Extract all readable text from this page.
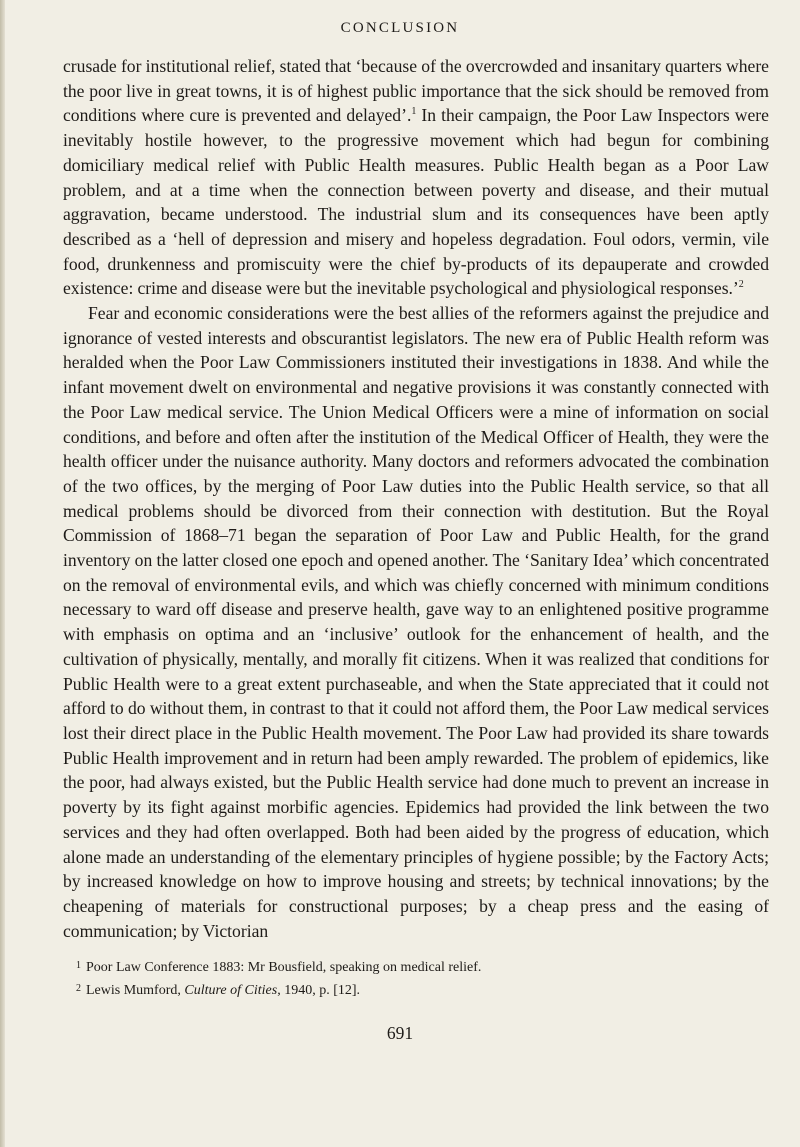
CONCLUSION

crusade for institutional relief, stated that ‘because of the overcrowded and insanitary quarters where the poor live in great towns, it is of highest public importance that the sick should be removed from conditions where cure is prevented and delayed’.$^1$ In their campaign, the Poor Law Inspectors were inevitably hostile however, to the progressive movement which had begun for combining domiciliary medical relief with Public Health measures. Public Health began as a Poor Law problem, and at a time when the connection between poverty and disease, and their mutual aggravation, became understood. The industrial slum and its consequences have been aptly described as a ‘hell of depression and misery and hopeless degradation. Foul odors, vermin, vile food, drunkenness and promiscuity were the chief by-products of its depauperate and crowded existence: crime and disease were but the inevitable psychological and physiological responses.’$^2$

Fear and economic considerations were the best allies of the reformers against the prejudice and ignorance of vested interests and obscurantist legislators. The new era of Public Health reform was heralded when the Poor Law Commissioners instituted their investigations in 1838. And while the infant movement dwelt on environmental and negative provisions it was constantly connected with the Poor Law medical service. The Union Medical Officers were a mine of information on social conditions, and before and often after the institution of the Medical Officer of Health, they were the health officer under the nuisance authority. Many doctors and reformers advocated the combination of the two offices, by the merging of Poor Law duties into the Public Health service, so that all medical problems should be divorced from their connection with destitution. But the Royal Commission of 1868–71 began the separation of Poor Law and Public Health, for the grand inventory on the latter closed one epoch and opened another. The ‘Sanitary Idea’ which concentrated on the removal of environmental evils, and which was chiefly concerned with minimum conditions necessary to ward off disease and preserve health, gave way to an enlightened positive programme with emphasis on optima and an ‘inclusive’ outlook for the enhancement of health, and the cultivation of physically, mentally, and morally fit citizens. When it was realized that conditions for Public Health were to a great extent purchaseable, and when the State appreciated that it could not afford to do without them, in contrast to that it could not afford them, the Poor Law medical services lost their direct place in the Public Health movement. The Poor Law had provided its share towards Public Health improvement and in return had been amply rewarded. The problem of epidemics, like the poor, had always existed, but the Public Health service had done much to prevent an increase in poverty by its fight against morbific agencies. Epidemics had provided the link between the two services and they had often overlapped. Both had been aided by the progress of education, which alone made an understanding of the elementary principles of hygiene possible; by the Factory Acts; by increased knowledge on how to improve housing and streets; by technical innovations; by the cheapening of materials for constructional purposes; by a cheap press and the easing of communication; by Victorian

$^1$ Poor Law Conference 1883: Mr Bousfield, speaking on medical relief.

$^2$ Lewis Mumford, Culture of Cities, 1940, p. [12].

691
